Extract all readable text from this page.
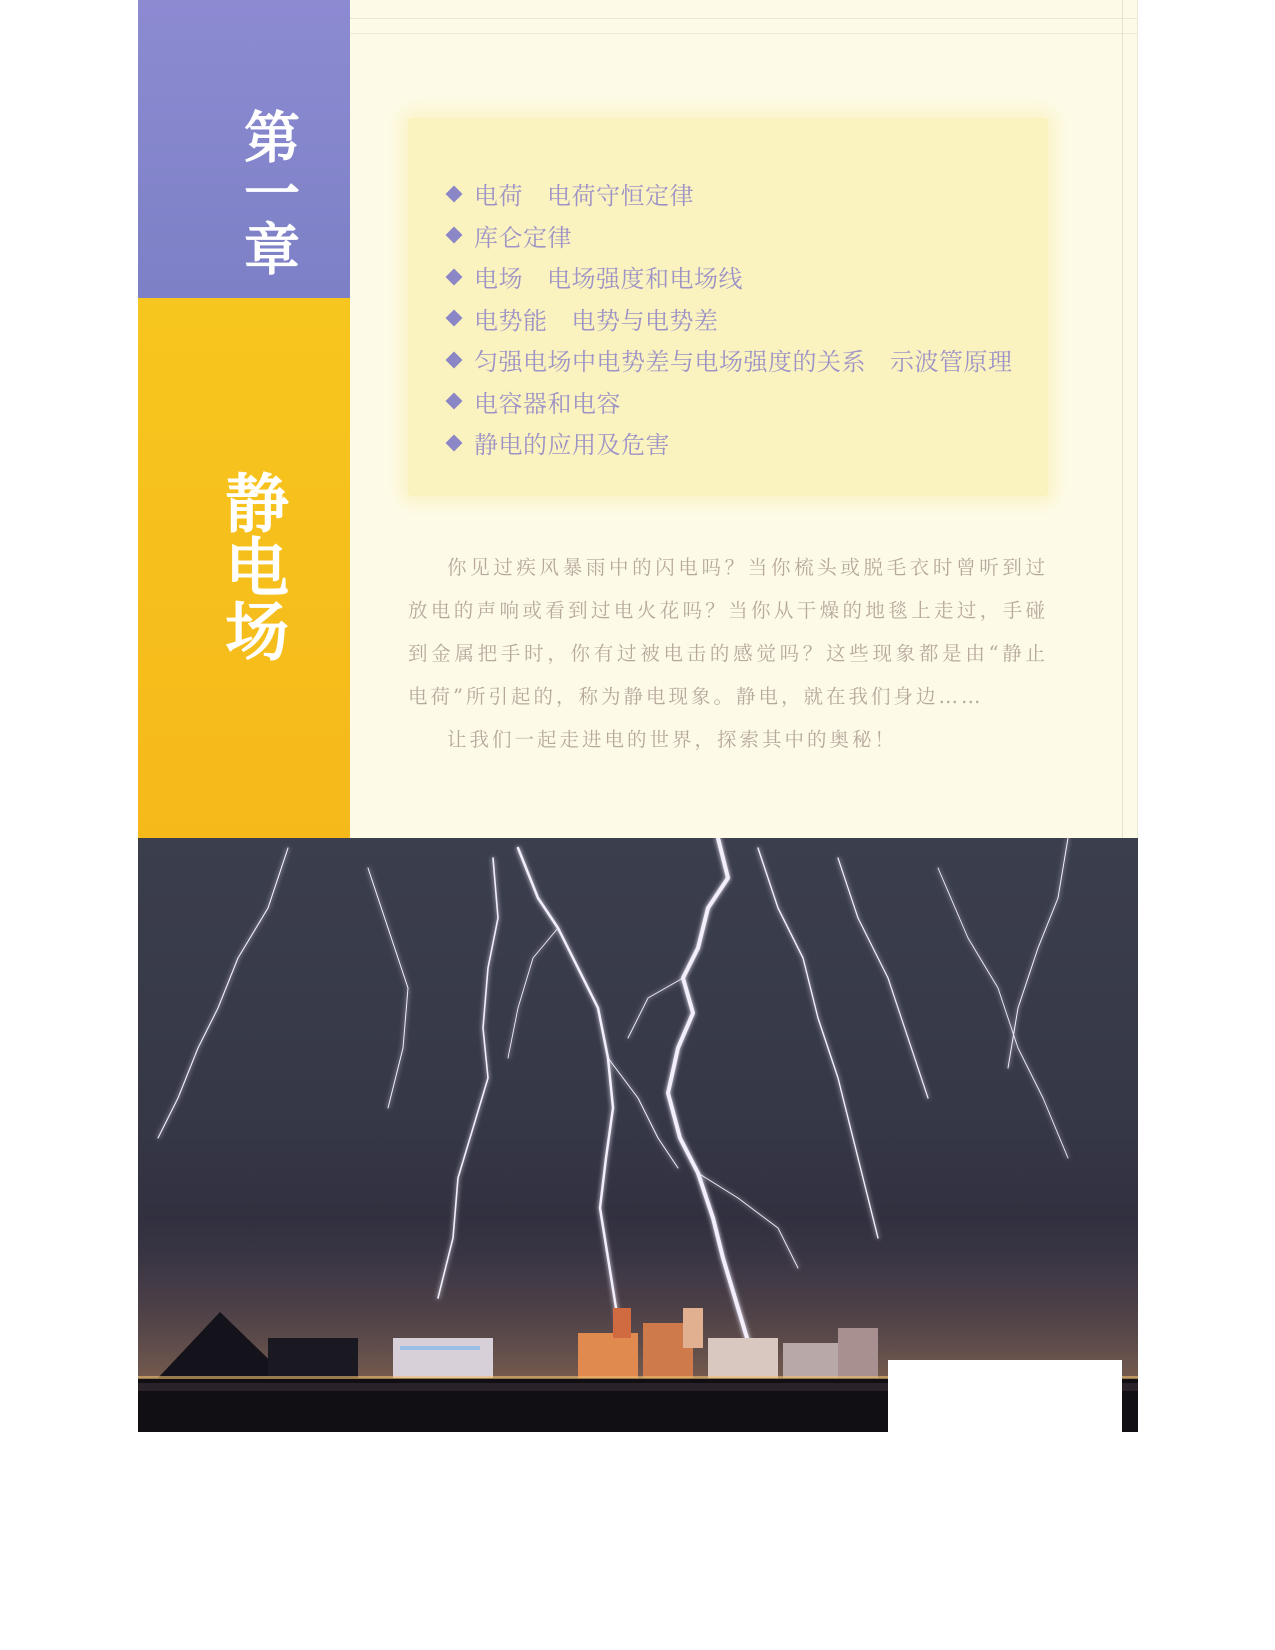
第一章
静电场
电荷 电荷守恒定律
库仑定律
电场 电场强度和电场线
电势能 电势与电势差
匀强电场中电势差与电场强度的关系 示波管原理
电容器和电容
静电的应用及危害

你见过疾风暴雨中的闪电吗？当你梳头或脱毛衣时曾听到过放电的声响或看到过电火花吗？当你从干燥的地毯上走过，手碰到金属把手时，你有过被电击的感觉吗？这些现象都是由“静止电荷”所引起的，称为静电现象。静电，就在我们身边……

让我们一起走进电的世界，探索其中的奥秘！
